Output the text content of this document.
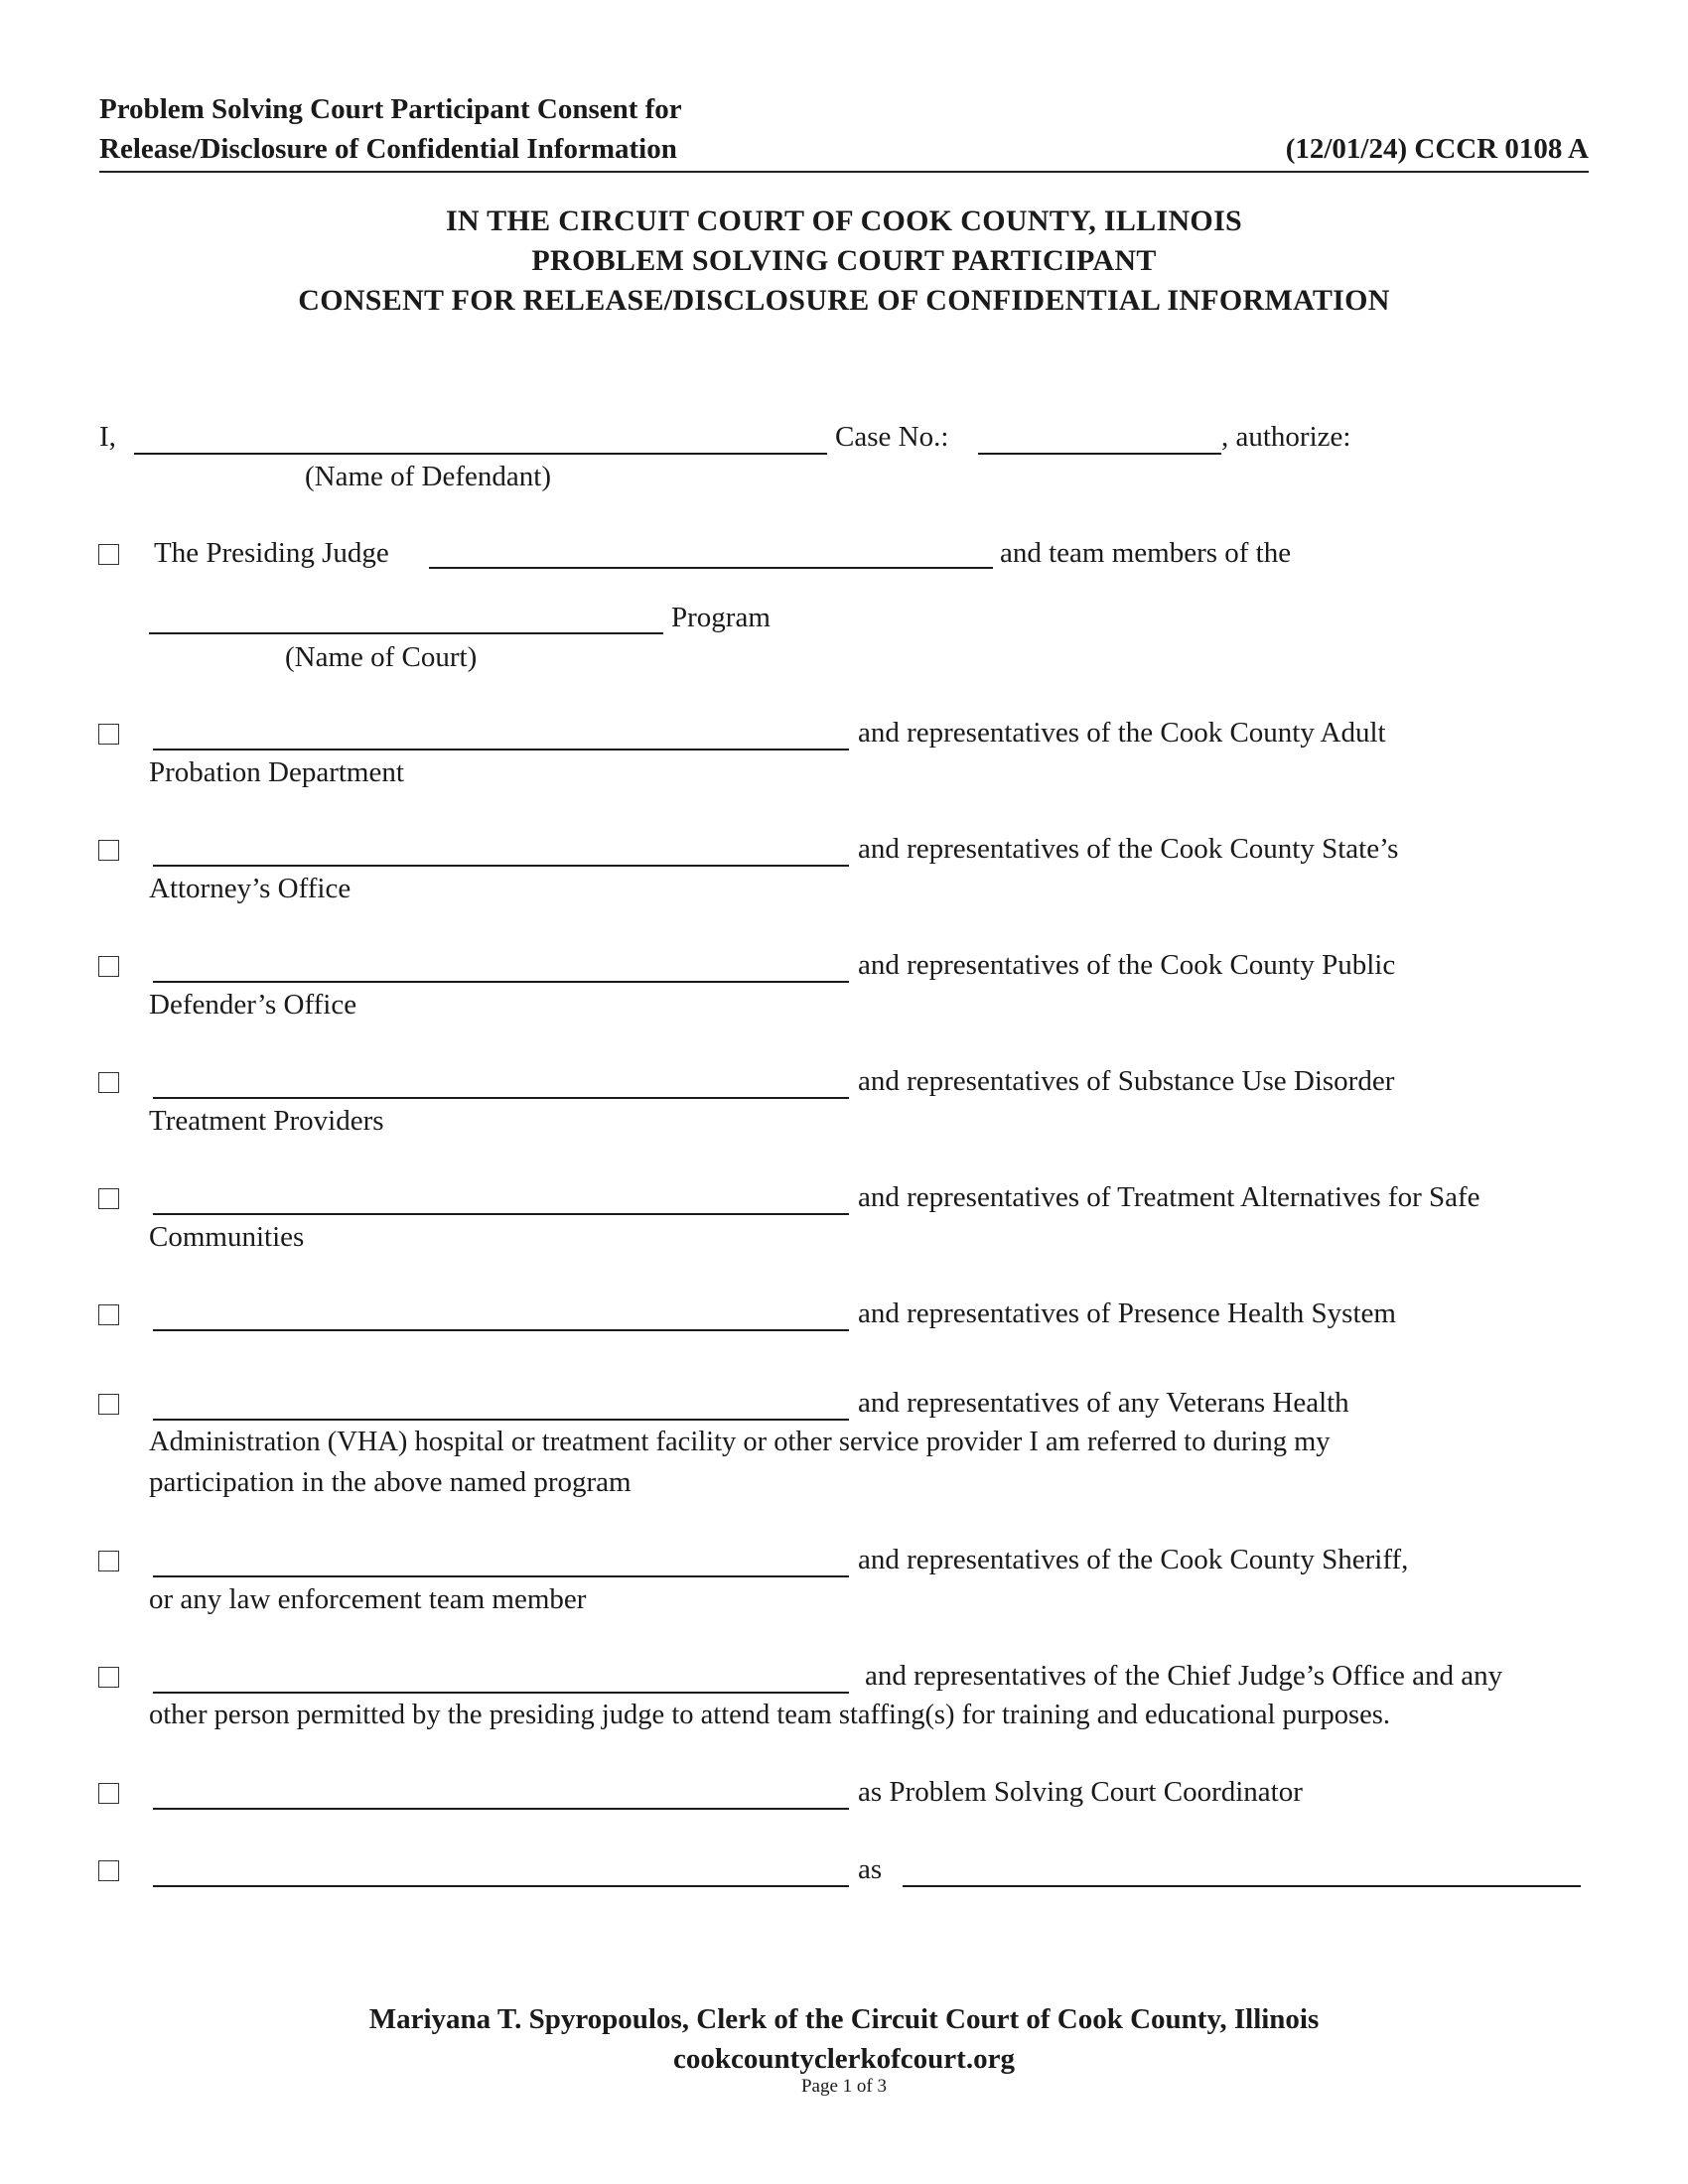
Problem Solving Court Participant Consent for
Release/Disclosure of Confidential Information	(12/01/24) CCCR 0108 A
IN THE CIRCUIT COURT OF COOK COUNTY, ILLINOIS
PROBLEM SOLVING COURT PARTICIPANT
CONSENT FOR RELEASE/DISCLOSURE OF CONFIDENTIAL INFORMATION
I,	Case No.:	, authorize:
(Name of Defendant)
The Presiding Judge	and team members of the
Program
(Name of Court)
and representatives of the Cook County Adult
Probation Department
and representatives of the Cook County State’s
Attorney’s Office
and representatives of the Cook County Public
Defender’s Office
and representatives of Substance Use Disorder
Treatment Providers
and representatives of Treatment Alternatives for Safe
Communities
and representatives of Presence Health System
and representatives of any Veterans Health
Administration (VHA) hospital or treatment facility or other service provider I am referred to during my
participation in the above named program
and representatives of the Cook County Sheriff,
or any law enforcement team member
and representatives of the Chief Judge’s Office and any
other person permitted by the presiding judge to attend team staffing(s) for training and educational purposes.
as Problem Solving Court Coordinator
as
Mariyana T. Spyropoulos, Clerk of the Circuit Court of Cook County, Illinois
cookcountyclerkofcourt.org
Page 1 of 3
